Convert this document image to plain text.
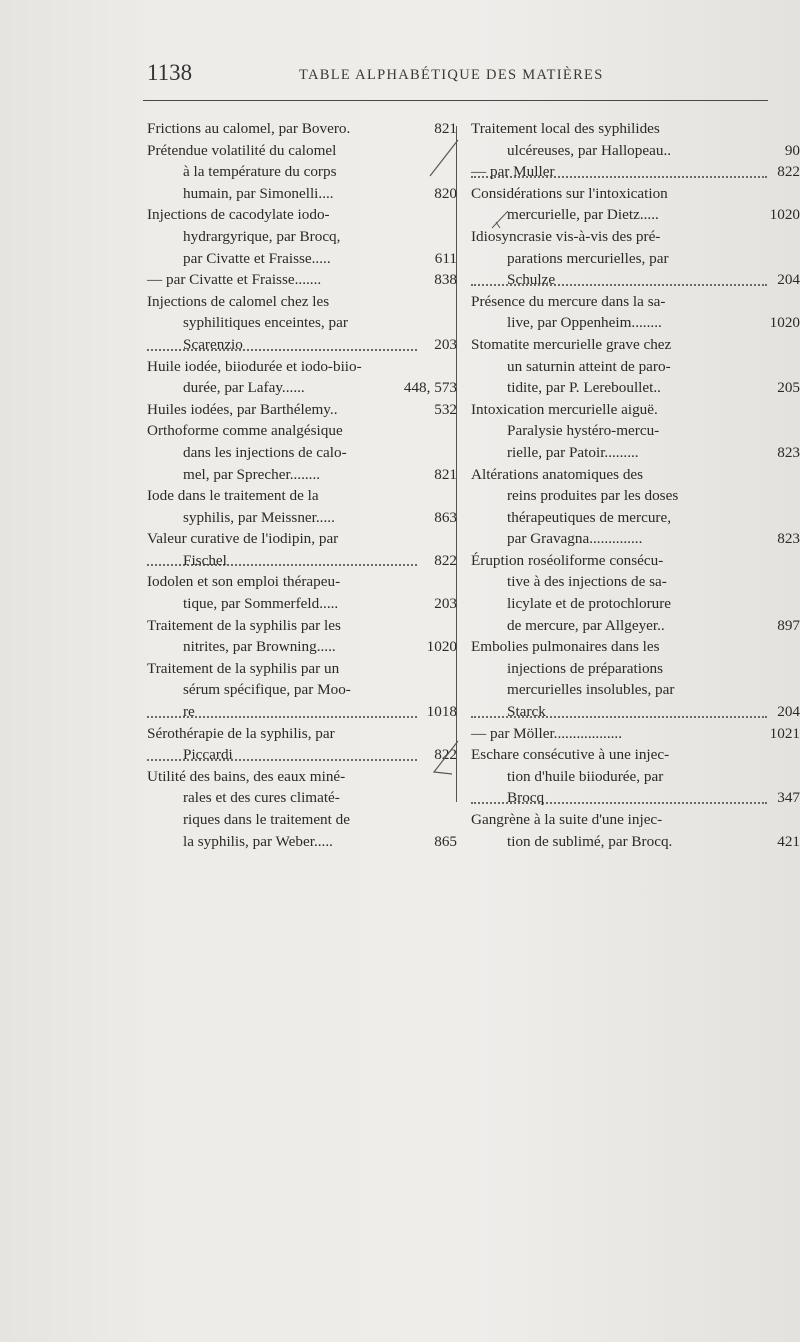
1138	TABLE ALPHABÉTIQUE DES MATIÈRES
Frictions au calomel, par Bovero.	821
Prétendue volatilité du calomel
à la température du corps
humain, par Simonelli....	820
Injections de cacodylate iodo-
hydrargyrique, par Brocq,
par Civatte et Fraisse.....	611
— par Civatte et Fraisse.......	838
Injections de calomel chez les
syphilitiques enceintes, par
Scarenzio	203
Huile iodée, biiodurée et iodo-biio-
durée, par Lafay......	448, 573
Huiles iodées, par Barthélemy..	532
Orthoforme comme analgésique
dans les injections de calo-
mel, par Sprecher........	821
Iode dans le traitement de la
syphilis, par Meissner.....	863
Valeur curative de l'iodipin, par
Fischel	822
Iodolen et son emploi thérapeu-
tique, par Sommerfeld.....	203
Traitement de la syphilis par les
nitrites, par Browning.....	1020
Traitement de la syphilis par un
sérum spécifique, par Moo-
re	1018
Sérothérapie de la syphilis, par
Piccardi	822
Utilité des bains, des eaux miné-
rales et des cures climaté-
riques dans le traitement de
la syphilis, par Weber.....	865
Traitement local des syphilides
ulcéreuses, par Hallopeau..	90
— par Muller	822
Considérations sur l'intoxication
mercurielle, par Dietz.....	1020
Idiosyncrasie vis-à-vis des pré-
parations mercurielles, par
Schulze	204
Présence du mercure dans la sa-
live, par Oppenheim........	1020
Stomatite mercurielle grave chez
un saturnin atteint de paro-
tidite, par P. Lereboullet..	205
Intoxication mercurielle aiguë.
Paralysie hystéro-mercu-
rielle, par Patoir.........	823
Altérations anatomiques des
reins produites par les doses
thérapeutiques de mercure,
par Gravagna..............	823
Éruption roséoliforme consécu-
tive à des injections de sa-
licylate et de protochlorure
de mercure, par Allgeyer..	897
Embolies pulmonaires dans les
injections de préparations
mercurielles insolubles, par
Starck	204
— par Möller..................	1021
Eschare consécutive à une injec-
tion d'huile biiodurée, par
Brocq	347
Gangrène à la suite d'une injec-
tion de sublimé, par Brocq.	421
